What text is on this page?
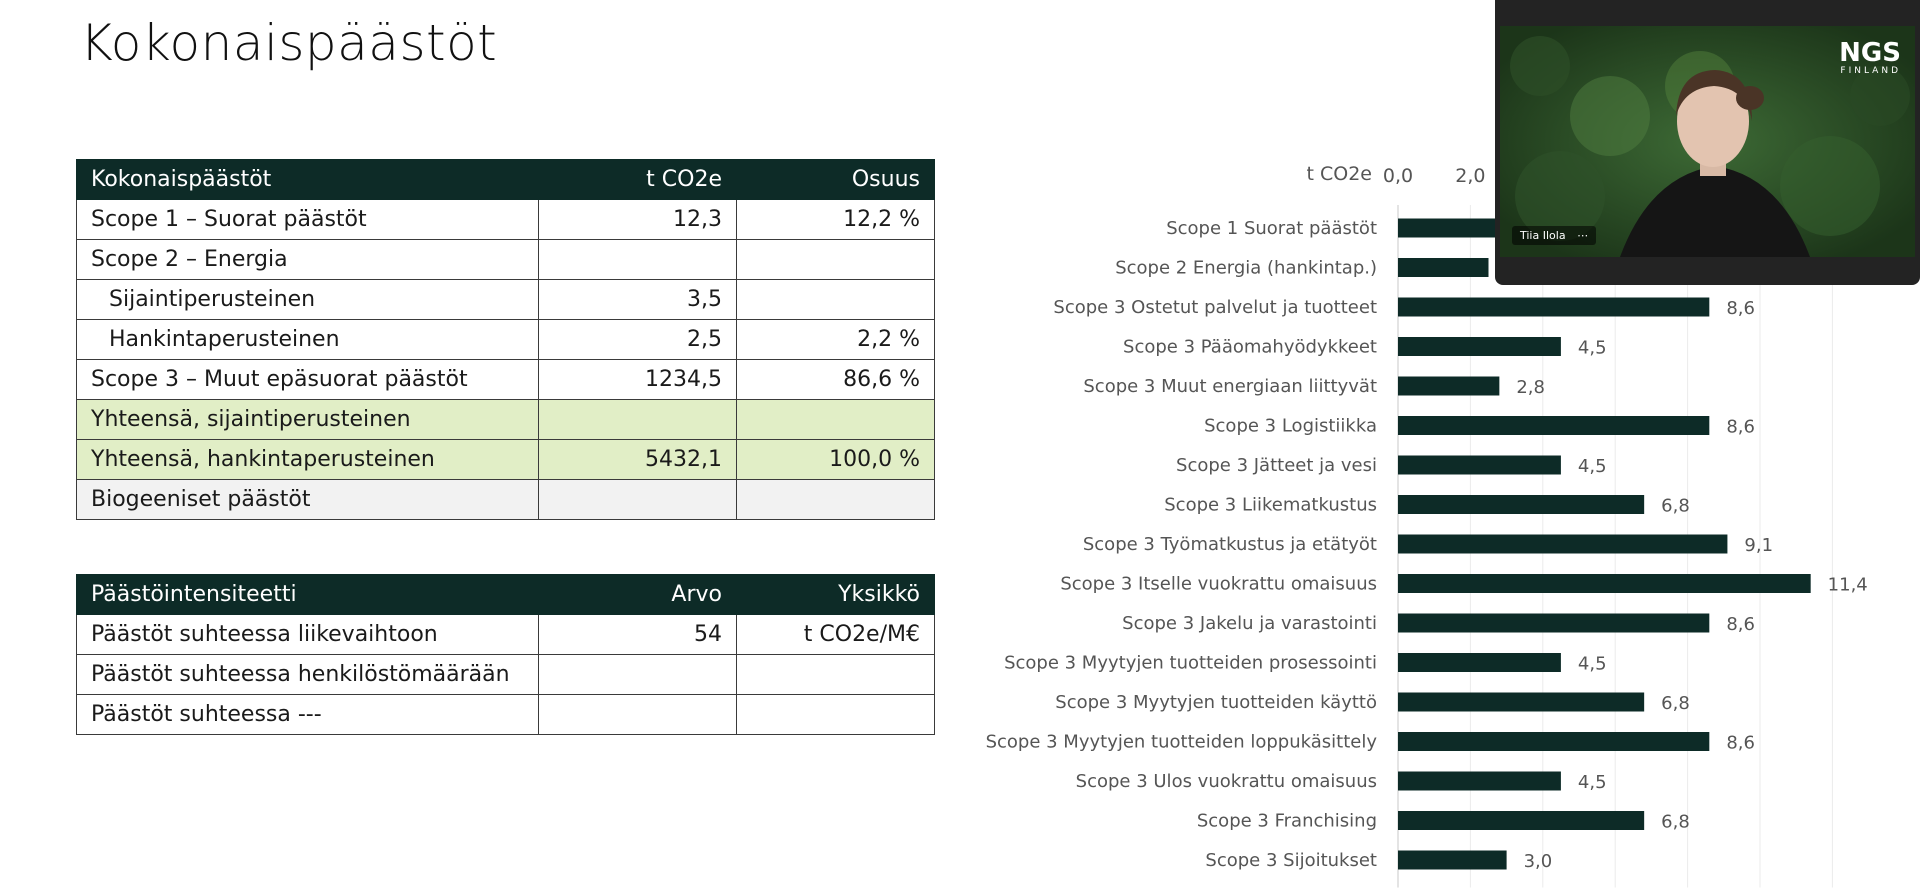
Kokonaispäästöt
Kokonaispäästöt	t CO2e	Osuus
Scope 1 – Suorat päästöt	12,3	12,2 %
Scope 2 – Energia		
Sijaintiperusteinen	3,5	
Hankintaperusteinen	2,5	2,2 %
Scope 3 – Muut epäsuorat päästöt	1234,5	86,6 %
Yhteensä, sijaintiperusteinen		
Yhteensä, hankintaperusteinen	5432,1	100,0 %
Biogeeniset päästöt		
Päästöintensiteetti	Arvo	Yksikkö
Päästöt suhteessa liikevaihtoon	54	t CO2e/M€
Päästöt suhteessa henkilöstömäärään		
Päästöt suhteessa ---		
t CO2e 0,0 2,0
Scope 1 Suorat päästöt
Scope 2 Energia (hankintap.)
Scope 3 Ostetut palvelut ja tuotteet	8,6
Scope 3 Pääomahyödykkeet	4,5
Scope 3 Muut energiaan liittyvät	2,8
Scope 3 Logistiikka	8,6
Scope 3 Jätteet ja vesi	4,5
Scope 3 Liikematkustus	6,8
Scope 3 Työmatkustus ja etätyöt	9,1
Scope 3 Itselle vuokrattu omaisuus	11,4
Scope 3 Jakelu ja varastointi	8,6
Scope 3 Myytyjen tuotteiden prosessointi	4,5
Scope 3 Myytyjen tuotteiden käyttö	6,8
Scope 3 Myytyjen tuotteiden loppukäsittely	8,6
Scope 3 Ulos vuokrattu omaisuus	4,5
Scope 3 Franchising	6,8
Scope 3 Sijoitukset	3,0
NGS
FINLAND
Tiia Ilola ⋯
